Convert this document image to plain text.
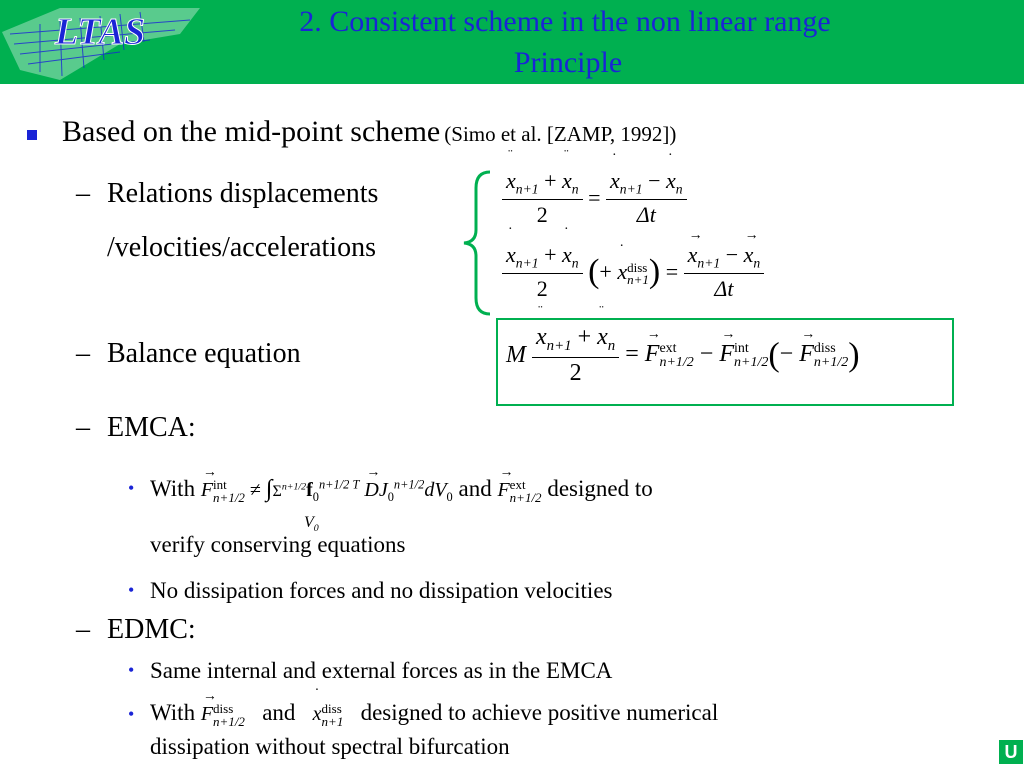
LTAS	2. Consistent scheme in the non linear range
Principle
Based on the mid-point scheme (Simo et al. [ZAMP, 1992])
– Relations displacements
/velocities/accelerations
¨
$x_{n+1}$ +
¨
$x_n$
2 = ·
$x_{n+1}$ −
·
$x_n$
Δt
·
$x_{n+1}$ +
·
$x_n$
2 (+
·
x diss
n+1 ) = →
$x_{n+1}$ −
→
$x_n$
Δt
– Balance equation	M ¨
$x_{n+1}$ +
¨
$x_n$
2 =
→
F ext
n+1/2 −
→
F int
n+1/2 (−
→
F diss
n+1/2 )
– EMCA:
• With
→
F int
$n+1/2 \ne \int\Sigma^{n+1/2}f_0^{n+1/2 T}$
→
$DJ_0^{n+1/2}dV_0$ and
→
F ext
n+1/2 designed to
$V_0$
verify conserving equations
• No dissipation forces and no dissipation velocities
– EDMC:
• Same internal and external forces as in the EMCA
• With
→
F diss
n+1/2 and
·
x diss
n+1 designed to achieve positive numerical
dissipation without spectral bifurcation	U
